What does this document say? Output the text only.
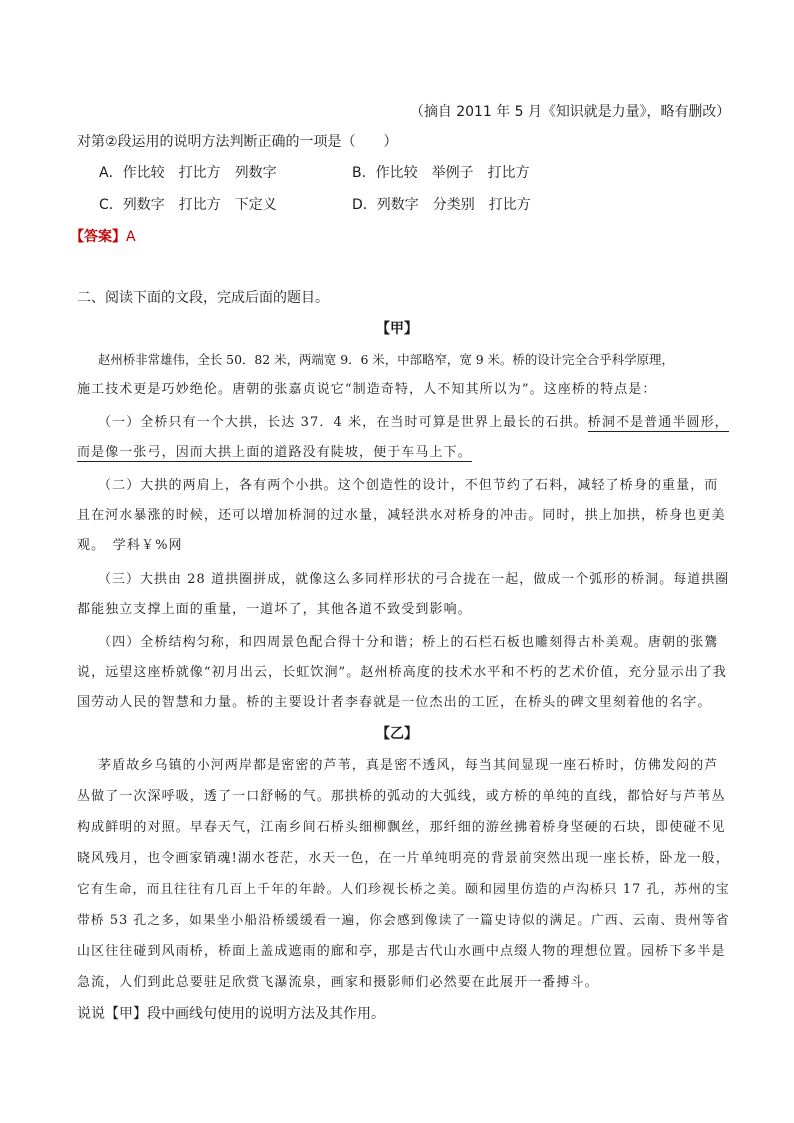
（摘自 2011 年 5 月《知识就是力量》，略有删改）
对第②段运用的说明方法判断正确的一项是（　　）
A．作比较　打比方　列数字	B．作比较　举例子　打比方
C．列数字　打比方　下定义	D．列数字　分类别　打比方
【答案】A
二、阅读下面的文段，完成后面的题目。
【甲】
赵州桥非常雄伟，全长 50．82 米，两端宽 9．6 米，中部略窄，宽 9 米。桥的设计完全合乎科学原理，
施工技术更是巧妙绝伦。唐朝的张嘉贞说它“制造奇特，人不知其所以为”。这座桥的特点是：
（一）全桥只有一个大拱，长达 37．4 米，在当时可算是世界上最长的石拱。桥洞不是普通半圆形，
而是像一张弓，因而大拱上面的道路没有陡坡，便于车马上下。
（二）大拱的两肩上，各有两个小拱。这个创造性的设计，不但节约了石料，减轻了桥身的重量，而
且在河水暴涨的时候，还可以增加桥洞的过水量，减轻洪水对桥身的冲击。同时，拱上加拱，桥身也更美
观。　学科￥%网
（三）大拱由 28 道拱圈拼成，就像这么多同样形状的弓合拢在一起，做成一个弧形的桥洞。每道拱圈
都能独立支撑上面的重量，一道坏了，其他各道不致受到影响。
（四）全桥结构匀称，和四周景色配合得十分和谐；桥上的石栏石板也雕刻得古朴美观。唐朝的张鷟
说，远望这座桥就像“初月出云，长虹饮涧”。赵州桥高度的技术水平和不朽的艺术价值，充分显示出了我
国劳动人民的智慧和力量。桥的主要设计者李春就是一位杰出的工匠，在桥头的碑文里刻着他的名字。
【乙】
茅盾故乡乌镇的小河两岸都是密密的芦苇，真是密不透风，每当其间显现一座石桥时，仿佛发闷的芦
丛做了一次深呼吸，透了一口舒畅的气。那拱桥的弧动的大弧线，或方桥的单纯的直线，都恰好与芦苇丛
构成鲜明的对照。早春天气，江南乡间石桥头细柳飘丝，那纤细的游丝拂着桥身坚硬的石块，即使碰不见
晓风残月，也令画家销魂!湖水苍茫，水天一色，在一片单纯明亮的背景前突然出现一座长桥，卧龙一般，
它有生命，而且往往有几百上千年的年龄。人们珍视长桥之美。颐和园里仿造的卢沟桥只 17 孔，苏州的宝
带桥 53 孔之多，如果坐小船沿桥缓缓看一遍，你会感到像读了一篇史诗似的满足。广西、云南、贵州等省
山区往往碰到风雨桥，桥面上盖成遮雨的廊和亭，那是古代山水画中点缀人物的理想位置。园桥下多半是
急流，人们到此总要驻足欣赏飞瀑流泉，画家和摄影师们必然要在此展开一番搏斗。
说说【甲】段中画线句使用的说明方法及其作用。
